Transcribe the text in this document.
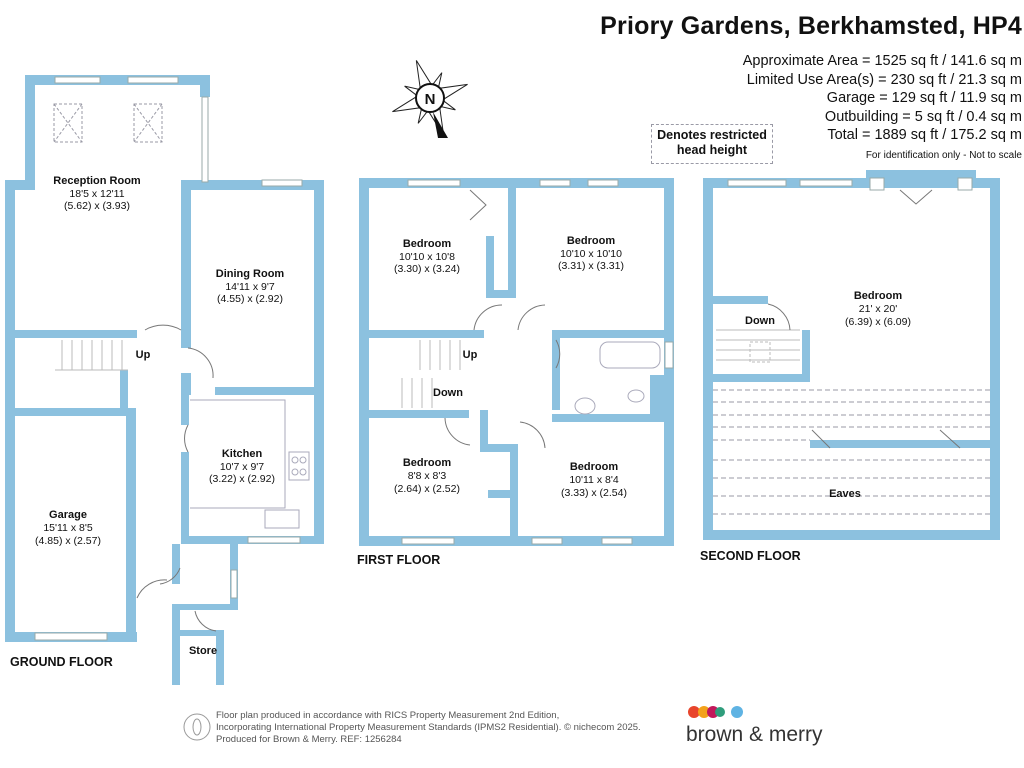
Priory Gardens, Berkhamsted, HP4
Approximate Area = 1525 sq ft / 141.6 sq m
Limited Use Area(s) = 230 sq ft / 21.3 sq m
Garage = 129 sq ft / 11.9 sq m
Outbuilding = 5 sq ft / 0.4 sq m
Total = 1889 sq ft / 175.2 sq m
For identification only - Not to scale
Denotes restricted head height
N
Reception Room
18'5 x 12'11
(5.62) x (3.93)
Dining Room
14'11 x 9'7
(4.55) x (2.92)
Kitchen
10'7 x 9'7
(3.22) x (2.92)
Garage
15'11 x 8'5
(4.85) x (2.57)
Store
Up
GROUND FLOOR
Bedroom
10'10 x 10'8
(3.30) x (3.24)
Bedroom
10'10 x 10'10
(3.31) x (3.31)
Bedroom
8'8 x 8'3
(2.64) x (2.52)
Bedroom
10'11 x 8'4
(3.33) x (2.54)
Up
Down
FIRST FLOOR
Bedroom
21' x 20'
(6.39) x (6.09)
Eaves
Down
SECOND FLOOR
Floor plan produced in accordance with RICS Property Measurement 2nd Edition,
Incorporating International Property Measurement Standards (IPMS2 Residential). © nichecom 2025.
Produced for Brown & Merry. REF: 1256284	brown & merry
